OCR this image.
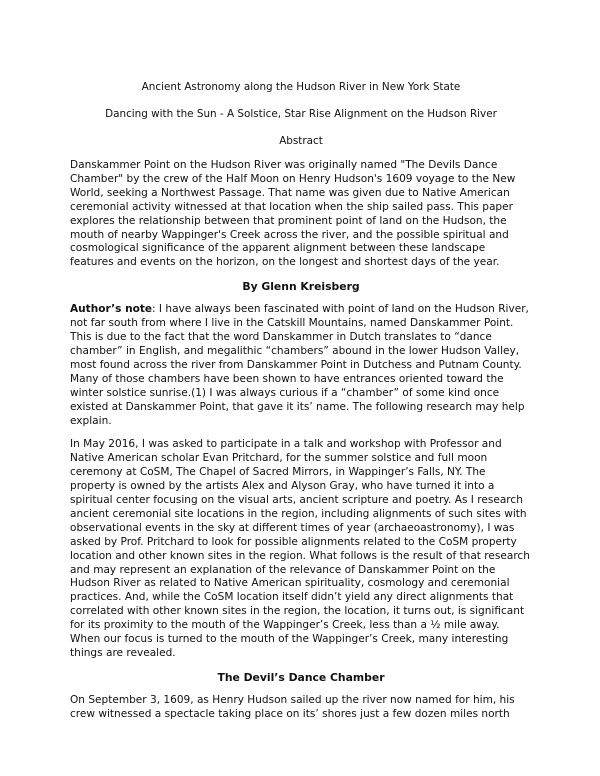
Ancient Astronomy along the Hudson River in New York State

Dancing with the Sun - A Solstice, Star Rise Alignment on the Hudson River

Abstract

Danskammer Point on the Hudson River was originally named "The Devils Dance Chamber" by the crew of the Half Moon on Henry Hudson's 1609 voyage to the New World, seeking a Northwest Passage. That name was given due to Native American ceremonial activity witnessed at that location when the ship sailed pass. This paper explores the relationship between that prominent point of land on the Hudson, the mouth of nearby Wappinger's Creek across the river, and the possible spiritual and cosmological significance of the apparent alignment between these landscape features and events on the horizon, on the longest and shortest days of the year.

By Glenn Kreisberg

Author’s note: I have always been fascinated with point of land on the Hudson River, not far south from where I live in the Catskill Mountains, named Danskammer Point. This is due to the fact that the word Danskammer in Dutch translates to “dance chamber” in English, and megalithic “chambers” abound in the lower Hudson Valley, most found across the river from Danskammer Point in Dutchess and Putnam County. Many of those chambers have been shown to have entrances oriented toward the winter solstice sunrise.(1) I was always curious if a “chamber” of some kind once existed at Danskammer Point, that gave it its’ name. The following research may help explain.

In May 2016, I was asked to participate in a talk and workshop with Professor and Native American scholar Evan Pritchard, for the summer solstice and full moon ceremony at CoSM, The Chapel of Sacred Mirrors, in Wappinger’s Falls, NY. The property is owned by the artists Alex and Alyson Gray, who have turned it into a spiritual center focusing on the visual arts, ancient scripture and poetry. As I research ancient ceremonial site locations in the region, including alignments of such sites with observational events in the sky at different times of year (archaeoastronomy), I was asked by Prof. Pritchard to look for possible alignments related to the CoSM property location and other known sites in the region. What follows is the result of that research and may represent an explanation of the relevance of Danskammer Point on the Hudson River as related to Native American spirituality, cosmology and ceremonial practices. And, while the CoSM location itself didn’t yield any direct alignments that correlated with other known sites in the region, the location, it turns out, is significant for its proximity to the mouth of the Wappinger’s Creek, less than a ½ mile away. When our focus is turned to the mouth of the Wappinger’s Creek, many interesting things are revealed.

The Devil’s Dance Chamber

On September 3, 1609, as Henry Hudson sailed up the river now named for him, his crew witnessed a spectacle taking place on its’ shores just a few dozen miles north
